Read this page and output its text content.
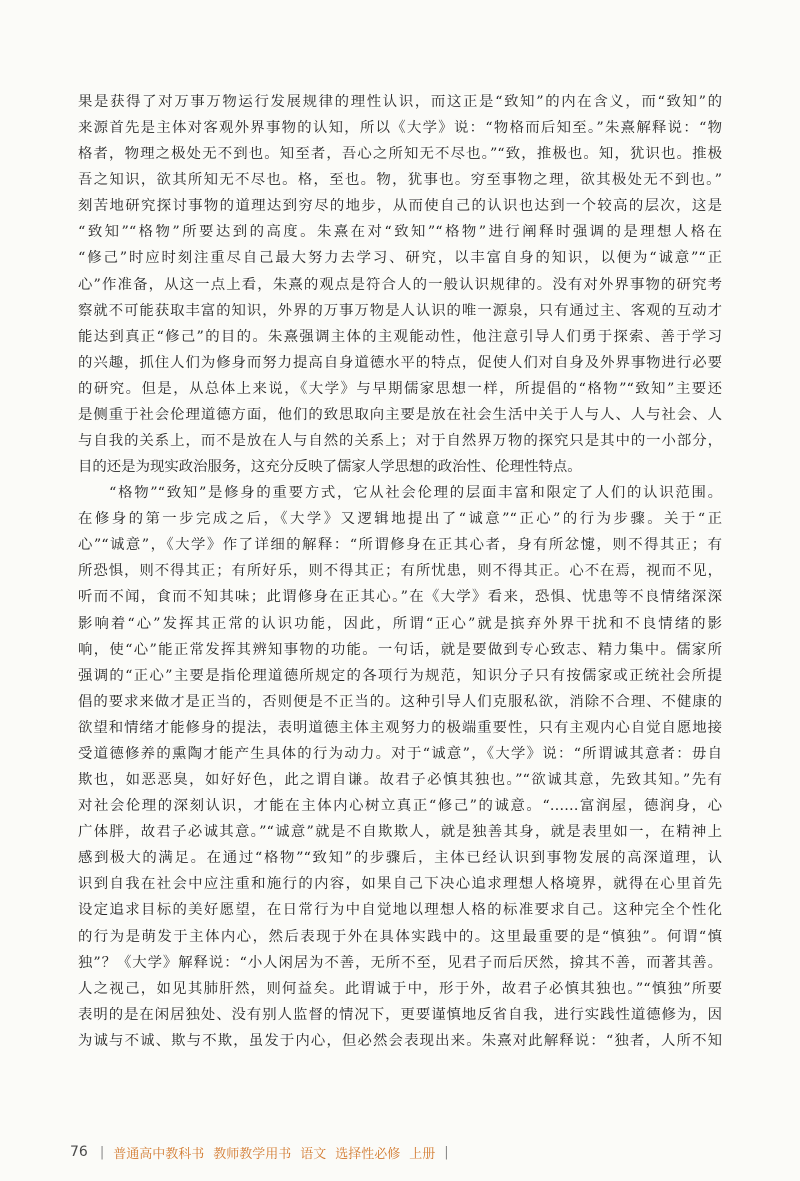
果是获得了对万事万物运行发展规律的理性认识，而这正是“致知”的内在含义，而“致知”的
来源首先是主体对客观外界事物的认知，所以《大学》说：“物格而后知至。”朱熹解释说：“物
格者，物理之极处无不到也。知至者，吾心之所知无不尽也。”“致，推极也。知，犹识也。推极
吾之知识，欲其所知无不尽也。格，至也。物，犹事也。穷至事物之理，欲其极处无不到也。”
刻苦地研究探讨事物的道理达到穷尽的地步，从而使自己的认识也达到一个较高的层次，这是
“致知”“格物”所要达到的高度。朱熹在对“致知”“格物”进行阐释时强调的是理想人格在
“修己”时应时刻注重尽自己最大努力去学习、研究，以丰富自身的知识，以便为“诚意”“正
心”作准备，从这一点上看，朱熹的观点是符合人的一般认识规律的。没有对外界事物的研究考
察就不可能获取丰富的知识，外界的万事万物是人认识的唯一源泉，只有通过主、客观的互动才
能达到真正“修己”的目的。朱熹强调主体的主观能动性，他注意引导人们勇于探索、善于学习
的兴趣，抓住人们为修身而努力提高自身道德水平的特点，促使人们对自身及外界事物进行必要
的研究。但是，从总体上来说，《大学》与早期儒家思想一样，所提倡的“格物”“致知”主要还
是侧重于社会伦理道德方面，他们的致思取向主要是放在社会生活中关于人与人、人与社会、人
与自我的关系上，而不是放在人与自然的关系上；对于自然界万物的探究只是其中的一小部分，
目的还是为现实政治服务，这充分反映了儒家人学思想的政治性、伦理性特点。
“格物”“致知”是修身的重要方式，它从社会伦理的层面丰富和限定了人们的认识范围。
在修身的第一步完成之后，《大学》又逻辑地提出了“诚意”“正心”的行为步骤。关于“正
心”“诚意”，《大学》作了详细的解释：“所谓修身在正其心者，身有所忿懥，则不得其正；有
所恐惧，则不得其正；有所好乐，则不得其正；有所忧患，则不得其正。心不在焉，视而不见，
听而不闻，食而不知其味；此谓修身在正其心。”在《大学》看来，恐惧、忧患等不良情绪深深
影响着“心”发挥其正常的认识功能，因此，所谓“正心”就是摈弃外界干扰和不良情绪的影
响，使“心”能正常发挥其辨知事物的功能。一句话，就是要做到专心致志、精力集中。儒家所
强调的“正心”主要是指伦理道德所规定的各项行为规范，知识分子只有按儒家或正统社会所提
倡的要求来做才是正当的，否则便是不正当的。这种引导人们克服私欲，消除不合理、不健康的
欲望和情绪才能修身的提法，表明道德主体主观努力的极端重要性，只有主观内心自觉自愿地接
受道德修养的熏陶才能产生具体的行为动力。对于“诚意”，《大学》说：“所谓诚其意者：毋自
欺也，如恶恶臭，如好好色，此之谓自谦。故君子必慎其独也。”“欲诚其意，先致其知。”先有
对社会伦理的深刻认识，才能在主体内心树立真正“修己”的诚意。“……富润屋，德润身，心
广体胖，故君子必诚其意。”“诚意”就是不自欺欺人，就是独善其身，就是表里如一，在精神上
感到极大的满足。在通过“格物”“致知”的步骤后，主体已经认识到事物发展的高深道理，认
识到自我在社会中应注重和施行的内容，如果自己下决心追求理想人格境界，就得在心里首先
设定追求目标的美好愿望，在日常行为中自觉地以理想人格的标准要求自己。这种完全个性化
的行为是萌发于主体内心，然后表现于外在具体实践中的。这里最重要的是“慎独”。何谓“慎
独”？《大学》解释说：“小人闲居为不善，无所不至，见君子而后厌然，揜其不善，而著其善。
人之视己，如见其肺肝然，则何益矣。此谓诚于中，形于外，故君子必慎其独也。”“慎独”所要
表明的是在闲居独处、没有别人监督的情况下，更要谨慎地反省自我，进行实践性道德修为，因
为诚与不诚、欺与不欺，虽发于内心，但必然会表现出来。朱熹对此解释说：“独者，人所不知
76 | 普通高中教科书 教师教学用书 语文 选择性必修 上册 |
